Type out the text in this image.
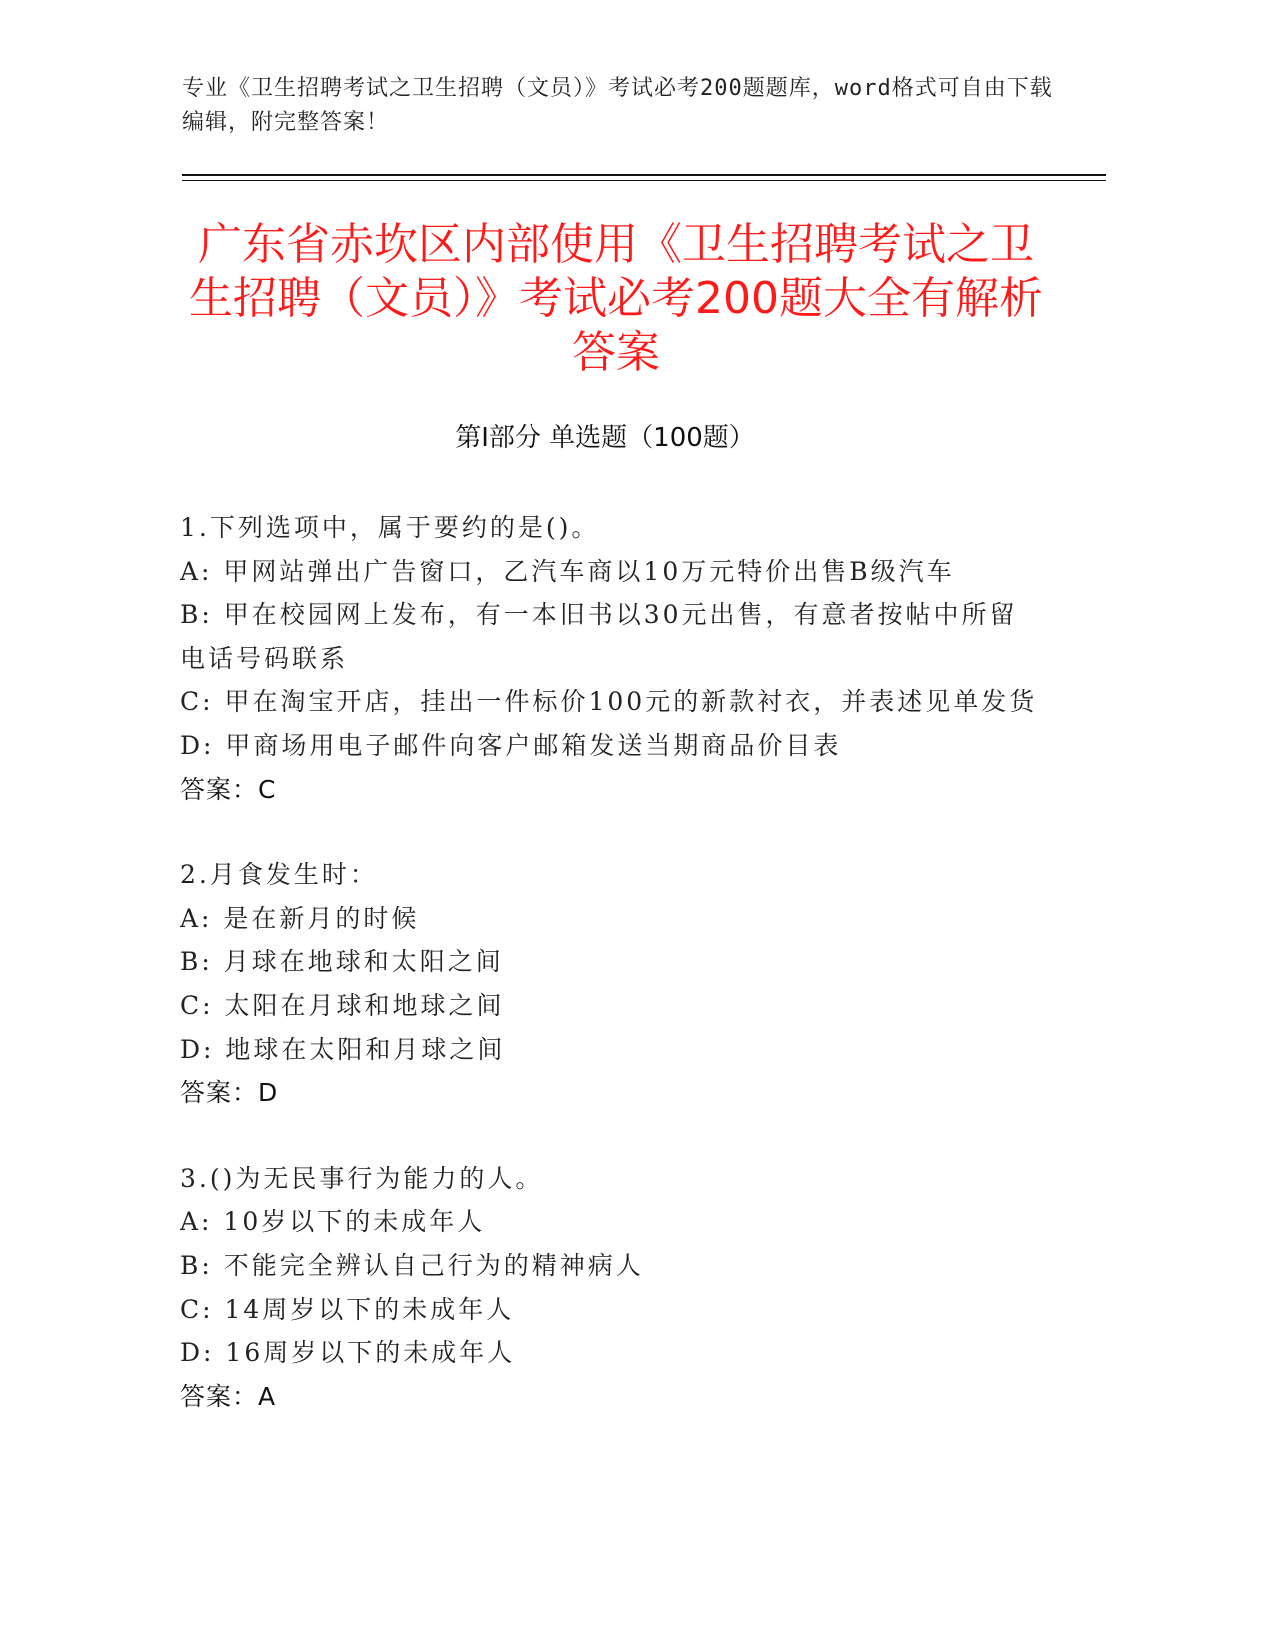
专业《卫生招聘考试之卫生招聘（文员）》考试必考200题题库，word格式可自由下载编辑，附完整答案！
广东省赤坎区内部使用《卫生招聘考试之卫生招聘（文员）》考试必考200题大全有解析答案
第Ⅰ部分 单选题（100题）
1.下列选项中，属于要约的是()。
A: 甲网站弹出广告窗口，乙汽车商以10万元特价出售B级汽车
B: 甲在校园网上发布，有一本旧书以30元出售，有意者按帖中所留电话号码联系
C: 甲在淘宝开店，挂出一件标价100元的新款衬衣，并表述见单发货
D: 甲商场用电子邮件向客户邮箱发送当期商品价目表
答案：C
2.月食发生时：
A: 是在新月的时候
B: 月球在地球和太阳之间
C: 太阳在月球和地球之间
D: 地球在太阳和月球之间
答案：D
3.()为无民事行为能力的人。
A: 10岁以下的未成年人
B: 不能完全辨认自己行为的精神病人
C: 14周岁以下的未成年人
D: 16周岁以下的未成年人
答案：A
